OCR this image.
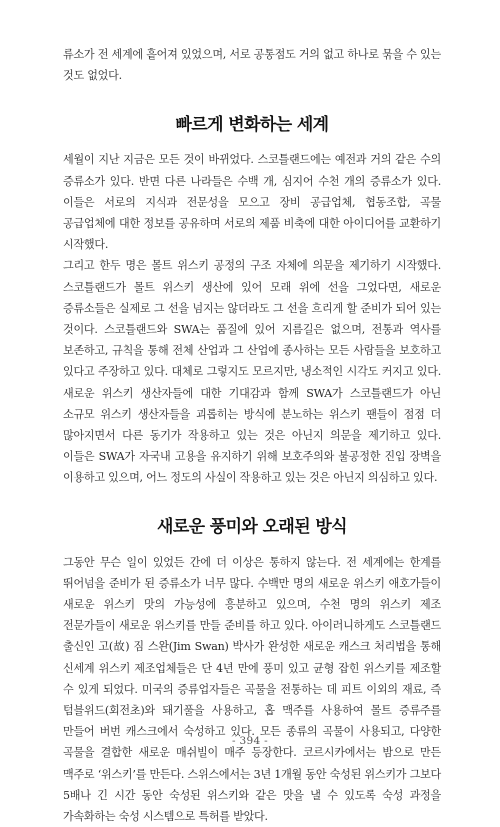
류소가 전 세계에 흩어져 있었으며, 서로 공통점도 거의 없고 하나로 묶을 수 있는 것도 없었다.

빠르게 변화하는 세계

세월이 지난 지금은 모든 것이 바뀌었다. 스코틀랜드에는 예전과 거의 같은 수의 증류소가 있다. 반면 다른 나라들은 수백 개, 심지어 수천 개의 증류소가 있다. 이들은 서로의 지식과 전문성을 모으고 장비 공급업체, 협동조합, 곡물 공급업체에 대한 정보를 공유하며 서로의 제품 비축에 대한 아이디어를 교환하기 시작했다.

그리고 한두 명은 몰트 위스키 공정의 구조 자체에 의문을 제기하기 시작했다. 스코틀랜드가 몰트 위스키 생산에 있어 모래 위에 선을 그었다면, 새로운 증류소들은 실제로 그 선을 넘지는 않더라도 그 선을 흐리게 할 준비가 되어 있는 것이다. 스코틀랜드와 SWA는 품질에 있어 지름길은 없으며, 전통과 역사를 보존하고, 규칙을 통해 전체 산업과 그 산업에 종사하는 모든 사람들을 보호하고 있다고 주장하고 있다. 대체로 그렇지도 모르지만, 냉소적인 시각도 커지고 있다. 새로운 위스키 생산자들에 대한 기대감과 함께 SWA가 스코틀랜드가 아닌 소규모 위스키 생산자들을 괴롭히는 방식에 분노하는 위스키 팬들이 점점 더 많아지면서 다른 동기가 작용하고 있는 것은 아닌지 의문을 제기하고 있다. 이들은 SWA가 자국내 고용을 유지하기 위해 보호주의와 불공정한 진입 장벽을 이용하고 있으며, 어느 정도의 사실이 작용하고 있는 것은 아닌지 의심하고 있다.

새로운 풍미와 오래된 방식

그동안 무슨 일이 있었든 간에 더 이상은 통하지 않는다. 전 세계에는 한계를 뛰어넘을 준비가 된 증류소가 너무 많다. 수백만 명의 새로운 위스키 애호가들이 새로운 위스키 맛의 가능성에 흥분하고 있으며, 수천 명의 위스키 제조 전문가들이 새로운 위스키를 만들 준비를 하고 있다. 아이러니하게도 스코틀랜드 출신인 고(故) 짐 스완(Jim Swan) 박사가 완성한 새로운 캐스크 처리법을 통해 신세계 위스키 제조업체들은 단 4년 만에 풍미 있고 균형 잡힌 위스키를 제조할 수 있게 되었다. 미국의 증류업자들은 곡물을 전통하는 데 피트 이외의 재료, 즉 텀블위드(회전초)와 돼기풀을 사용하고, 홉 맥주를 사용하여 몰트 증류주를 만들어 버번 캐스크에서 숙성하고 있다. 모든 종류의 곡물이 사용되고, 다양한 곡물을 결합한 새로운 매쉬빌이 매주 등장한다. 코르시카에서는 밤으로 만든 맥주로 ‘위스키’를 만든다. 스위스에서는 3년 1개월 동안 숙성된 위스키가 그보다 5배나 긴 시간 동안 숙성된 위스키와 같은 맛을 낼 수 있도록 숙성 과정을 가속화하는 숙성 시스템으로 특허를 받았다.

- 394 -
